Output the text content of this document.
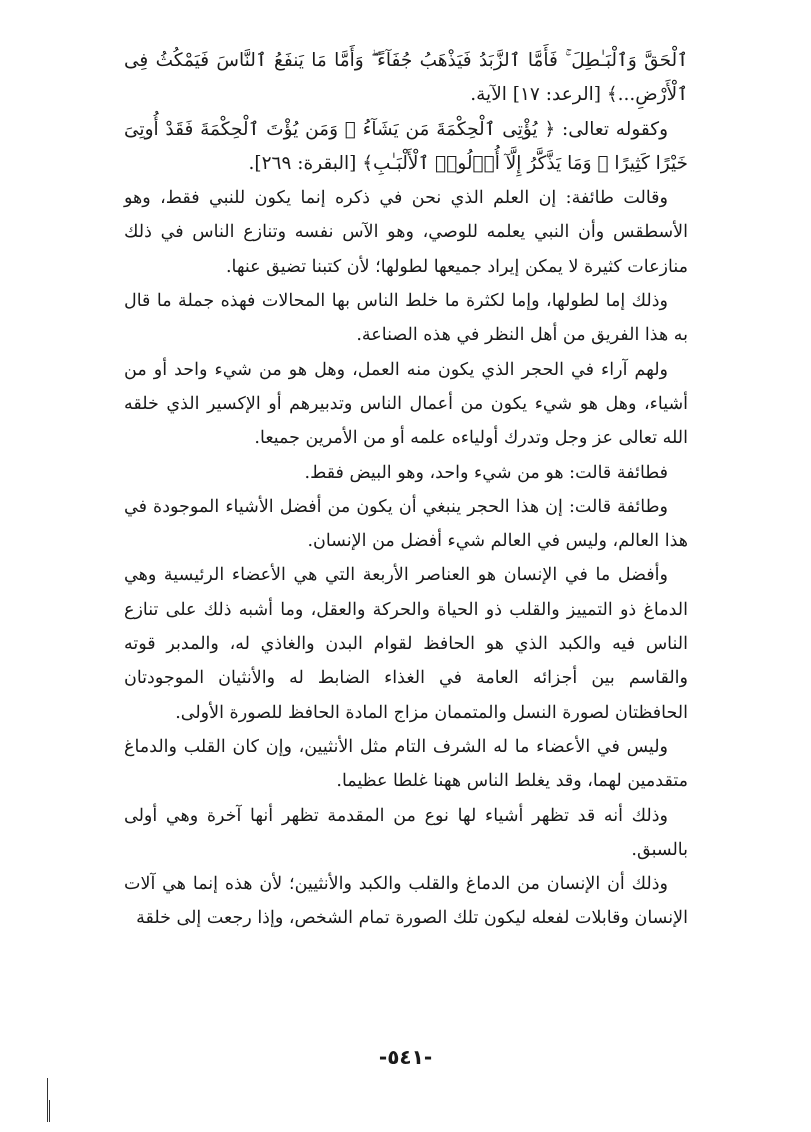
ٱلْحَقَّ وَٱلْبَـٰطِلَ ۚ فَأَمَّا ٱلزَّبَدُ فَيَذْهَبُ جُفَآءً ۖ وَأَمَّا مَا يَنفَعُ ٱلنَّاسَ فَيَمْكُثُ فِى ٱلْأَرْضِ...﴾ [الرعد: ١٧] الآية.

وكقوله تعالى: ﴿ يُؤْتِى ٱلْحِكْمَةَ مَن يَشَآءُ ۚ وَمَن يُؤْتَ ٱلْحِكْمَةَ فَقَدْ أُوتِىَ خَيْرًا كَثِيرًا ۗ وَمَا يَذَّكَّرُ إِلَّآ أُو۟لُوا۟ ٱلْأَلْبَـٰبِ﴾ [البقرة: ٢٦٩].

وقالت طائفة: إن العلم الذي نحن في ذكره إنما يكون للنبي فقط، وهو الأسطقس وأن النبي يعلمه للوصي، وهو الآس نفسه وتنازع الناس في ذلك منازعات كثيرة لا يمكن إيراد جميعها لطولها؛ لأن كتبنا تضيق عنها.

وذلك إما لطولها، وإما لكثرة ما خلط الناس بها المحالات فهذه جملة ما قال به هذا الفريق من أهل النظر في هذه الصناعة.

ولهم آراء في الحجر الذي يكون منه العمل، وهل هو من شيء واحد أو من أشياء، وهل هو شيء يكون من أعمال الناس وتدبيرهم أو الإكسير الذي خلقه الله تعالى عز وجل وتدرك أولياءه علمه أو من الأمرين جميعا.

فطائفة قالت: هو من شيء واحد، وهو البيض فقط.

وطائفة قالت: إن هذا الحجر ينبغي أن يكون من أفضل الأشياء الموجودة في هذا العالم، وليس في العالم شيء أفضل من الإنسان.

وأفضل ما في الإنسان هو العناصر الأربعة التي هي الأعضاء الرئيسية وهي الدماغ ذو التمييز والقلب ذو الحياة والحركة والعقل، وما أشبه ذلك على تنازع الناس فيه والكبد الذي هو الحافظ لقوام البدن والغاذي له، والمدبر قوته والقاسم بين أجزائه العامة في الغذاء الضابط له والأنثيان الموجودتان الحافظتان لصورة النسل والمتممان مزاج المادة الحافظ للصورة الأولى.

وليس في الأعضاء ما له الشرف التام مثل الأنثيين، وإن كان القلب والدماغ متقدمين لهما، وقد يغلط الناس ههنا غلطا عظيما.

وذلك أنه قد تظهر أشياء لها نوع من المقدمة تظهر أنها آخرة وهي أولى بالسبق.

وذلك أن الإنسان من الدماغ والقلب والكبد والأنثيين؛ لأن هذه إنما هي آلات الإنسان وقابلات لفعله ليكون تلك الصورة تمام الشخص، وإذا رجعت إلى خلقة

-٥٤١-
